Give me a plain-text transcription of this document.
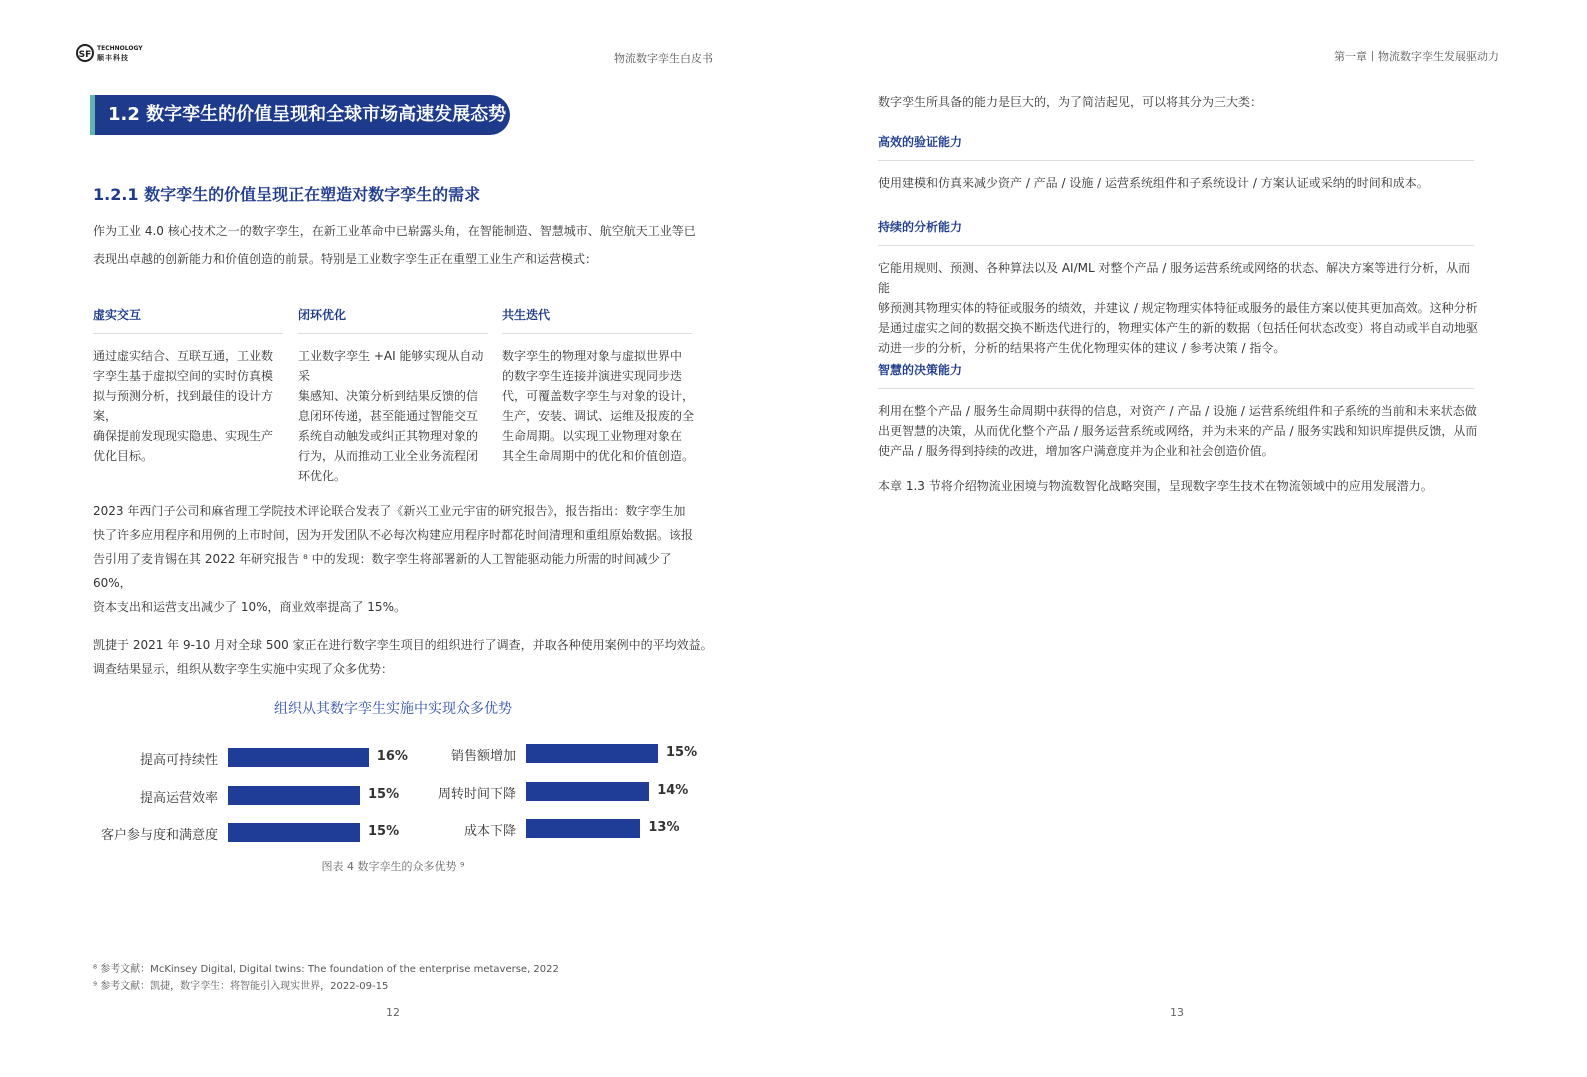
SF
TECHNOLOGY
顺丰科技	物流数字孪生白皮书
1.2 数字孪生的价值呈现和全球市场高速发展态势
1.2.1 数字孪生的价值呈现正在塑造对数字孪生的需求
作为工业 4.0 核心技术之一的数字孪生，在新工业革命中已崭露头角，在智能制造、智慧城市、航空航天工业等已
表现出卓越的创新能力和价值创造的前景。特别是工业数字孪生正在重塑工业生产和运营模式：
虚实交互
通过虚实结合、互联互通，工业数
字孪生基于虚拟空间的实时仿真模
拟与预测分析，找到最佳的设计方案，
确保提前发现现实隐患、实现生产
优化目标。
闭环优化
工业数字孪生 +AI 能够实现从自动采
集感知、决策分析到结果反馈的信
息闭环传递，甚至能通过智能交互
系统自动触发或纠正其物理对象的
行为，从而推动工业全业务流程闭
环优化。
共生迭代
数字孪生的物理对象与虚拟世界中
的数字孪生连接并演进实现同步迭
代，可覆盖数字孪生与对象的设计，
生产，安装、调试、运维及报废的全
生命周期。以实现工业物理对象在
其全生命周期中的优化和价值创造。
2023 年西门子公司和麻省理工学院技术评论联合发表了《新兴工业元宇宙的研究报告》，报告指出：数字孪生加
快了许多应用程序和用例的上市时间，因为开发团队不必每次构建应用程序时都花时间清理和重组原始数据。该报
告引用了麦肯锡在其 2022 年研究报告 ⁸ 中的发现：数字孪生将部署新的人工智能驱动能力所需的时间减少了 60%，
资本支出和运营支出减少了 10%，商业效率提高了 15%。
凯捷于 2021 年 9-10 月对全球 500 家正在进行数字孪生项目的组织进行了调查，并取各种使用案例中的平均效益。
调查结果显示，组织从数字孪生实施中实现了众多优势：
组织从其数字孪生实施中实现众多优势
提高可持续性	16%
提高运营效率	15%
客户参与度和满意度	15%
销售额增加	15%
周转时间下降	14%
成本下降	13%
图表 4 数字孪生的众多优势 ⁹
⁸ 参考文献：McKinsey Digital, Digital twins: The foundation of the enterprise metaverse, 2022
⁹ 参考文献：凯捷，数字孪生：将智能引入现实世界，2022-09-15
12
第一章丨物流数字孪生发展驱动力
数字孪生所具备的能力是巨大的，为了简洁起见，可以将其分为三大类：
高效的验证能力
使用建模和仿真来减少资产 / 产品 / 设施 / 运营系统组件和子系统设计 / 方案认证或采纳的时间和成本。
持续的分析能力
它能用规则、预测、各种算法以及 AI/ML 对整个产品 / 服务运营系统或网络的状态、解决方案等进行分析，从而能
够预测其物理实体的特征或服务的绩效，并建议 / 规定物理实体特征或服务的最佳方案以使其更加高效。这种分析
是通过虚实之间的数据交换不断迭代进行的，物理实体产生的新的数据（包括任何状态改变）将自动或半自动地驱
动进一步的分析，分析的结果将产生优化物理实体的建议 / 参考决策 / 指令。
智慧的决策能力
利用在整个产品 / 服务生命周期中获得的信息，对资产 / 产品 / 设施 / 运营系统组件和子系统的当前和未来状态做
出更智慧的决策，从而优化整个产品 / 服务运营系统或网络，并为未来的产品 / 服务实践和知识库提供反馈，从而
使产品 / 服务得到持续的改进，增加客户满意度并为企业和社会创造价值。
本章 1.3 节将介绍物流业困境与物流数智化战略突围，呈现数字孪生技术在物流领域中的应用发展潜力。
13
